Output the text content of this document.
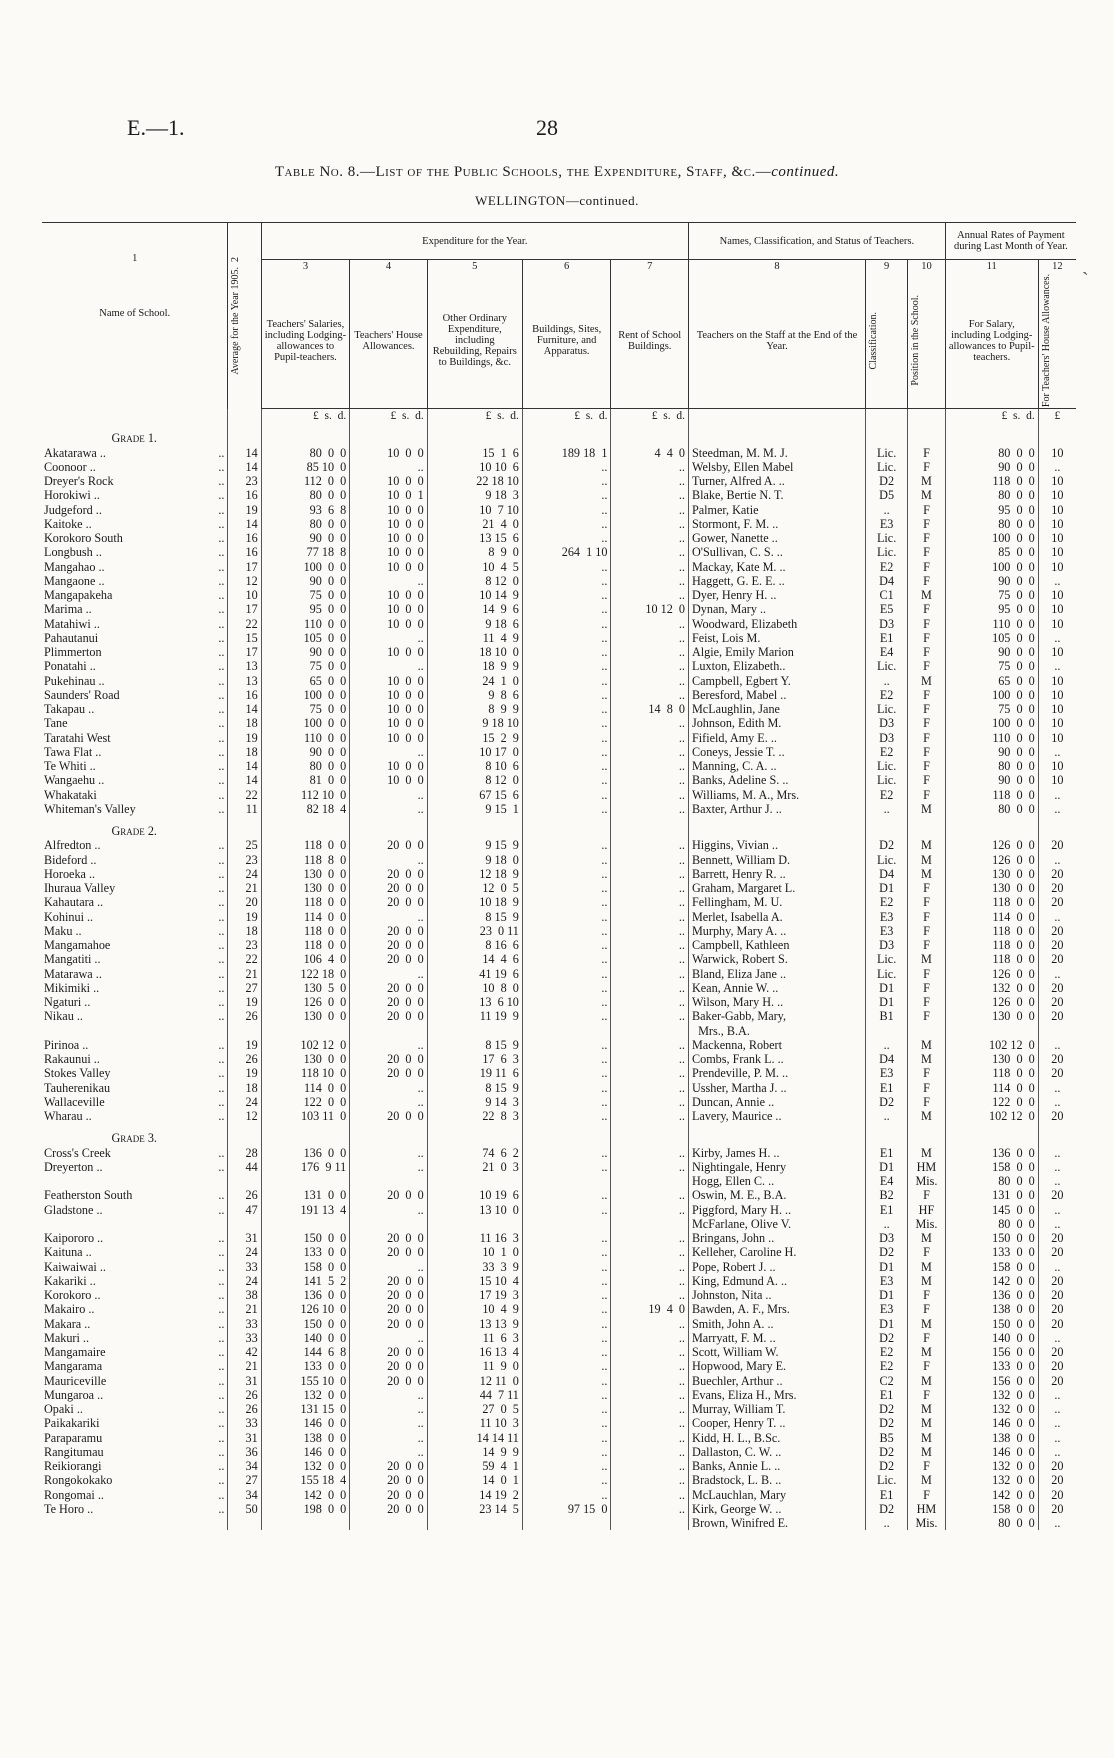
E.—1.	28
Table No. 8.—List of the Public Schools, the Expenditure, Staff, &c.—continued.
WELLINGTON—continued.
1
Name of School.	Average for the Year 1905.  2	Expenditure for the Year.					Names, Classification, and Status of Teachers.			Annual Rates of Payment during Last Month of Year.	
		3	4	5	6	7	8	9	10	11	12
		Teachers' Salaries, including Lodging-allowances to Pupil-teachers.	Teachers' House Allowances.	Other Ordinary Expenditure, including Rebuilding, Repairs to Buildings, &c.	Buildings, Sites, Furniture, and Apparatus.	Rent of School Buildings.	Teachers on the Staff at the End of the Year.	Classification.	Position in the School.	For Salary, including Lodging-allowances to Pupil-teachers.	For Teachers' House Allowances.

		£ s. d.	£ s. d.	£ s. d.	£ s. d.	£ s. d.				£ s. d.	£
Grade 1.											
Akatarawa .. ..	14	80  0  0	10  0  0	15  1  6	189 18  1	4  4  0	Steedman, M. M. J.	Lic.	F	80  0  0	10
Coonoor .. ..	14	85 10  0	..	10 10  6	..	..	Welsby, Ellen Mabel	Lic.	F	90  0  0	..
Dreyer's Rock ..	23	112  0  0	10  0  0	22 18 10	..	..	Turner, Alfred A. ..	D2	M	118  0  0	10
Horokiwi .. ..	16	80  0  0	10  0  1	9 18  3	..	..	Blake, Bertie N. T.	D5	M	80  0  0	10
Judgeford .. ..	19	93  6  8	10  0  0	10  7 10	..	..	Palmer, Katie	..	F	95  0  0	10
Kaitoke .. ..	14	80  0  0	10  0  0	21  4  0	..	..	Stormont, F. M. ..	E3	F	80  0  0	10
Korokoro South ..	16	90  0  0	10  0  0	13 15  6	..	..	Gower, Nanette ..	Lic.	F	100  0  0	10
Longbush .. ..	16	77 18  8	10  0  0	8  9  0	264  1 10	..	O'Sullivan, C. S. ..	Lic.	F	85  0  0	10
Mangahao .. ..	17	100  0  0	10  0  0	10  4  5	..	..	Mackay, Kate M. ..	E2	F	100  0  0	10
Mangaone .. ..	12	90  0  0	..	8 12  0	..	..	Haggett, G. E. E. ..	D4	F	90  0  0	..
Mangapakeha ..	10	75  0  0	10  0  0	10 14  9	..	..	Dyer, Henry H. ..	C1	M	75  0  0	10
Marima .. ..	17	95  0  0	10  0  0	14  9  6	..	10 12  0	Dynan, Mary ..	E5	F	95  0  0	10
Matahiwi .. ..	22	110  0  0	10  0  0	9 18  6	..	..	Woodward, Elizabeth	D3	F	110  0  0	10
Pahautanui ..	15	105  0  0	..	11  4  9	..	..	Feist, Lois M.	E1	F	105  0  0	..
Plimmerton ..	17	90  0  0	10  0  0	18 10  0	..	..	Algie, Emily Marion	E4	F	90  0  0	10
Ponatahi .. ..	13	75  0  0	..	18  9  9	..	..	Luxton, Elizabeth..	Lic.	F	75  0  0	..
Pukehinau .. ..	13	65  0  0	10  0  0	24  1  0	..	..	Campbell, Egbert Y.	..	M	65  0  0	10
Saunders' Road ..	16	100  0  0	10  0  0	9  8  6	..	..	Beresford, Mabel ..	E2	F	100  0  0	10
Takapau .. ..	14	75  0  0	10  0  0	8  9  9	..	14  8  0	McLaughlin, Jane	Lic.	F	75  0  0	10
Tane ..	18	100  0  0	10  0  0	9 18 10	..	..	Johnson, Edith M.	D3	F	100  0  0	10
Taratahi West ..	19	110  0  0	10  0  0	15  2  9	..	..	Fifield, Amy E. ..	D3	F	110  0  0	10
Tawa Flat .. ..	18	90  0  0	..	10 17  0	..	..	Coneys, Jessie T. ..	E2	F	90  0  0	..
Te Whiti .. ..	14	80  0  0	10  0  0	8 10  6	..	..	Manning, C. A. ..	Lic.	F	80  0  0	10
Wangaehu .. ..	14	81  0  0	10  0  0	8 12  0	..	..	Banks, Adeline S. ..	Lic.	F	90  0  0	10
Whakataki ..	22	112 10  0	..	67 15  6	..	..	Williams, M. A., Mrs.	E2	F	118  0  0	..
Whiteman's Valley ..	11	82 18  4	..	9 15  1	..	..	Baxter, Arthur J. ..	..	M	80  0  0	..
Grade 2.											
Alfredton .. ..	25	118  0  0	20  0  0	9 15  9	..	..	Higgins, Vivian ..	D2	M	126  0  0	20
Bideford .. ..	23	118  8  0	..	9 18  0	..	..	Bennett, William D.	Lic.	M	126  0  0	..
Horoeka .. ..	24	130  0  0	20  0  0	12 18  9	..	..	Barrett, Henry R. ..	D4	M	130  0  0	20
Ihuraua Valley ..	21	130  0  0	20  0  0	12  0  5	..	..	Graham, Margaret L.	D1	F	130  0  0	20
Kahautara .. ..	20	118  0  0	20  0  0	10 18  9	..	..	Fellingham, M. U.	E2	F	118  0  0	20
Kohinui .. ..	19	114  0  0	..	8 15  9	..	..	Merlet, Isabella A.	E3	F	114  0  0	..
Maku .. ..	18	118  0  0	20  0  0	23  0 11	..	..	Murphy, Mary A. ..	E3	F	118  0  0	20
Mangamahoe ..	23	118  0  0	20  0  0	8 16  6	..	..	Campbell, Kathleen	D3	F	118  0  0	20
Mangatiti .. ..	22	106  4  0	20  0  0	14  4  6	..	..	Warwick, Robert S.	Lic.	M	118  0  0	20
Matarawa .. ..	21	122 18  0	..	41 19  6	..	..	Bland, Eliza Jane ..	Lic.	F	126  0  0	..
Mikimiki .. ..	27	130  5  0	20  0  0	10  8  0	..	..	Kean, Annie W. ..	D1	F	132  0  0	20
Ngaturi .. ..	19	126  0  0	20  0  0	13  6 10	..	..	Wilson, Mary H. ..	D1	F	126  0  0	20
Nikau .. ..	26	130  0  0	20  0  0	11 19  9	..	..	Baker-Gabb, Mary,	B1	F	130  0  0	20

							Mrs., B.A.				
Pirinoa .. ..	19	102 12  0	..	8 15  9	..	..	Mackenna, Robert	..	M	102 12  0	..
Rakaunui .. ..	26	130  0  0	20  0  0	17  6  3	..	..	Combs, Frank L. ..	D4	M	130  0  0	20
Stokes Valley ..	19	118 10  0	20  0  0	19 11  6	..	..	Prendeville, P. M. ..	E3	F	118  0  0	20
Tauherenikau ..	18	114  0  0	..	8 15  9	..	..	Ussher, Martha J. ..	E1	F	114  0  0	..
Wallaceville ..	24	122  0  0	..	9 14  3	..	..	Duncan, Annie ..	D2	F	122  0  0	..
Wharau .. ..	12	103 11  0	20  0  0	22  8  3	..	..	Lavery, Maurice ..	..	M	102 12  0	20
Grade 3.											
Cross's Creek ..	28	136  0  0	..	74  6  2	..	..	Kirby, James H. ..	E1	M	136  0  0	..
Dreyerton .. ..	44	176  9 11	..	21  0  3	..	..	Nightingale, Henry	D1	HM	158  0  0	..

							Hogg, Ellen C. ..	E4	Mis.	80  0  0	..
Featherston South ..	26	131  0  0	20  0  0	10 19  6	..	..	Oswin, M. E., B.A.	B2	F	131  0  0	20
Gladstone .. ..	47	191 13  4	..	13 10  0	..	..	Piggford, Mary H. ..	E1	HF	145  0  0	..

							McFarlane, Olive V.	..	Mis.	80  0  0	..
Kaipororo .. ..	31	150  0  0	20  0  0	11 16  3	..	..	Bringans, John ..	D3	M	150  0  0	20
Kaituna .. ..	24	133  0  0	20  0  0	10  1  0	..	..	Kelleher, Caroline H.	D2	F	133  0  0	20
Kaiwaiwai .. ..	33	158  0  0	..	33  3  9	..	..	Pope, Robert J. ..	D1	M	158  0  0	..
Kakariki .. ..	24	141  5  2	20  0  0	15 10  4	..	..	King, Edmund A. ..	E3	M	142  0  0	20
Korokoro .. ..	38	136  0  0	20  0  0	17 19  3	..	..	Johnston, Nita ..	D1	F	136  0  0	20
Makairo .. ..	21	126 10  0	20  0  0	10  4  9	..	19  4  0	Bawden, A. F., Mrs.	E3	F	138  0  0	20
Makara .. ..	33	150  0  0	20  0  0	13 13  9	..	..	Smith, John A. ..	D1	M	150  0  0	20
Makuri .. ..	33	140  0  0	..	11  6  3	..	..	Marryatt, F. M. ..	D2	F	140  0  0	..
Mangamaire ..	42	144  6  8	20  0  0	16 13  4	..	..	Scott, William W.	E2	M	156  0  0	20
Mangarama ..	21	133  0  0	20  0  0	11  9  0	..	..	Hopwood, Mary E.	E2	F	133  0  0	20
Mauriceville ..	31	155 10  0	20  0  0	12 11  0	..	..	Buechler, Arthur ..	C2	M	156  0  0	20
Mungaroa .. ..	26	132  0  0	..	44  7 11	..	..	Evans, Eliza H., Mrs.	E1	F	132  0  0	..
Opaki .. ..	26	131 15  0	..	27  0  5	..	..	Murray, William T.	D2	M	132  0  0	..
Paikakariki ..	33	146  0  0	..	11 10  3	..	..	Cooper, Henry T. ..	D2	M	146  0  0	..
Paraparamu ..	31	138  0  0	..	14 14 11	..	..	Kidd, H. L., B.Sc.	B5	M	138  0  0	..
Rangitumau ..	36	146  0  0	..	14  9  9	..	..	Dallaston, C. W. ..	D2	M	146  0  0	..
Reikiorangi ..	34	132  0  0	20  0  0	59  4  1	..	..	Banks, Annie L. ..	D2	F	132  0  0	20
Rongokokako ..	27	155 18  4	20  0  0	14  0  1	..	..	Bradstock, L. B. ..	Lic.	M	132  0  0	20
Rongomai .. ..	34	142  0  0	20  0  0	14 19  2	..	..	McLauchlan, Mary	E1	F	142  0  0	20
Te Horo .. ..	50	198  0  0	20  0  0	23 14  5	97 15  0	..	Kirk, George W. ..	D2	HM	158  0  0	20

							Brown, Winifred E.	..	Mis.	80  0  0	..
˴
